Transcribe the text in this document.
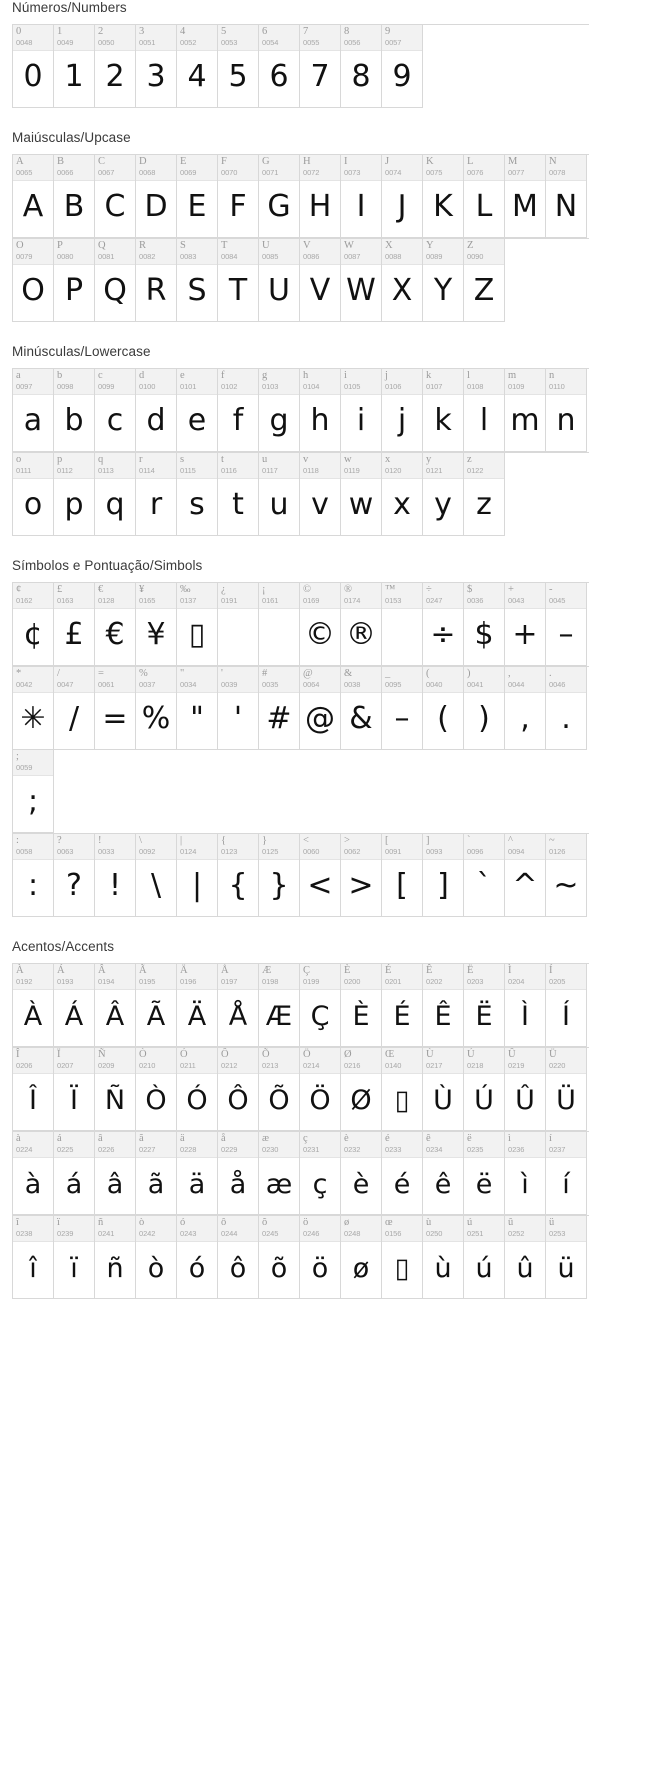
Números/Numbers
0
0048
0
1
0049
1
2
0050
2
3
0051
3
4
0052
4
5
0053
5
6
0054
6
7
0055
7
8
0056
8
9
0057
9
Maiúsculas/Upcase
A
0065
A
B
0066
B
C
0067
C
D
0068
D
E
0069
E
F
0070
F
G
0071
G
H
0072
H
I
0073
I
J
0074
J
K
0075
K
L
0076
L
M
0077
M
N
0078
N
O
0079
O
P
0080
P
Q
0081
Q
R
0082
R
S
0083
S
T
0084
T
U
0085
U
V
0086
V
W
0087
W
X
0088
X
Y
0089
Y
Z
0090
Z
Minúsculas/Lowercase
a
0097
a
b
0098
b
c
0099
c
d
0100
d
e
0101
e
f
0102
f
g
0103
g
h
0104
h
i
0105
i
j
0106
j
k
0107
k
l
0108
l
m
0109
m
n
0110
n
o
0111
o
p
0112
p
q
0113
q
r
0114
r
s
0115
s
t
0116
t
u
0117
u
v
0118
v
w
0119
w
x
0120
x
y
0121
y
z
0122
z
Símbolos e Pontuação/Simbols
¢
0162
¢
£
0163
£
€
0128
€
¥
0165
¥
‰
0137
▯
¿
0191
¡
0161
©
0169
©
®
0174
®
™
0153
÷
0247
÷
$
0036
$
+
0043
+
-
0045
–
*
0042
✳
/
0047
/
=
0061
=
%
0037
%
"
0034
"
'
0039
'
#
0035
#
@
0064
@
&
0038
&
_
0095
–
(
0040
(
)
0041
)
,
0044
,
.
0046
.
;
0059
;
:
0058
:
?
0063
?
!
0033
!
\
0092
\
|
0124
|
{
0123
{
}
0125
}
<
0060
<
>
0062
>
[
0091
[
]
0093
]
`
0096
`
^
0094
^
~
0126
~
Acentos/Accents
À
0192
À
Á
0193
Á
Â
0194
Â
Ã
0195
Ã
Ä
0196
Ä
Å
0197
Å
Æ
0198
Æ
Ç
0199
Ç
È
0200
È
É
0201
É
Ê
0202
Ê
Ë
0203
Ë
Ì
0204
Ì
Í
0205
Í
Î
0206
Î
Ï
0207
Ï
Ñ
0209
Ñ
Ò
0210
Ò
Ó
0211
Ó
Ô
0212
Ô
Õ
0213
Õ
Ö
0214
Ö
Ø
0216
Ø
Œ
0140
▯
Ù
0217
Ù
Ú
0218
Ú
Û
0219
Û
Ü
0220
Ü
à
0224
à
á
0225
á
â
0226
â
ã
0227
ã
ä
0228
ä
å
0229
å
æ
0230
æ
ç
0231
ç
è
0232
è
é
0233
é
ê
0234
ê
ë
0235
ë
ì
0236
ì
í
0237
í
î
0238
î
ï
0239
ï
ñ
0241
ñ
ò
0242
ò
ó
0243
ó
ô
0244
ô
õ
0245
õ
ö
0246
ö
ø
0248
ø
œ
0156
▯
ù
0250
ù
ú
0251
ú
û
0252
û
ü
0253
ü
